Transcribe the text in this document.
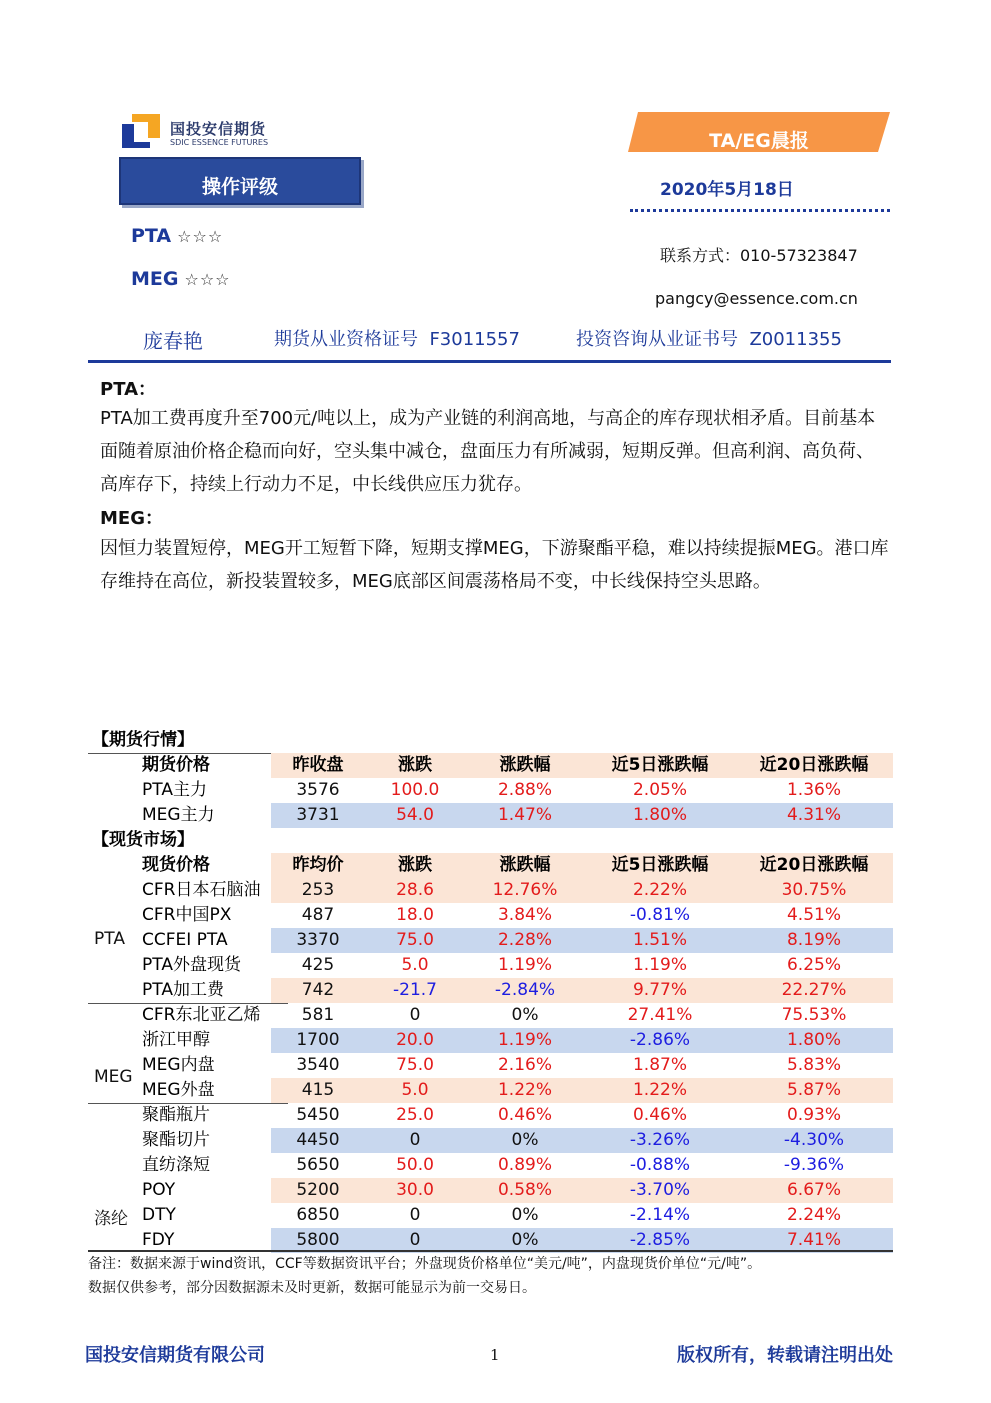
国投安信期货
SDIC ESSENCE FUTURES
操作评级
TA/EG晨报
2020年5月18日
联系方式：010-57323847
pangcy@essence.com.cn
PTA ☆☆☆
MEG ☆☆☆
庞春艳	期货从业资格证号  F3011557	投资咨询从业证书号  Z0011355
PTA：
PTA加工费再度升至700元/吨以上，成为产业链的利润高地，与高企的库存现状相矛盾。目前基本面随着原油价格企稳而向好，空头集中减仓，盘面压力有所减弱，短期反弹。但高利润、高负荷、高库存下，持续上行动力不足，中长线供应压力犹存。
MEG：
因恒力装置短停，MEG开工短暂下降，短期支撑MEG，下游聚酯平稳，难以持续提振MEG。港口库存维持在高位，新投装置较多，MEG底部区间震荡格局不变，中长线保持空头思路。
【期货行情】
期货价格	昨收盘	涨跌	涨跌幅	近5日涨跌幅	近20日涨跌幅
PTA主力	3576	100.0	2.88%	2.05%	1.36%
MEG主力	3731	54.0	1.47%	1.80%	4.31%
【现货市场】
现货价格	昨均价	涨跌	涨跌幅	近5日涨跌幅	近20日涨跌幅
CFR日本石脑油	253	28.6	12.76%	2.22%	30.75%
CFR中国PX	487	18.0	3.84%	-0.81%	4.51%
CCFEI PTA	3370	75.0	2.28%	1.51%	8.19%
PTA外盘现货	425	5.0	1.19%	1.19%	6.25%
PTA加工费	742	-21.7	-2.84%	9.77%	22.27%
CFR东北亚乙烯	581	0	0%	27.41%	75.53%
浙江甲醇	1700	20.0	1.19%	-2.86%	1.80%
MEG内盘	3540	75.0	2.16%	1.87%	5.83%
MEG外盘	415	5.0	1.22%	1.22%	5.87%
聚酯瓶片	5450	25.0	0.46%	0.46%	0.93%
聚酯切片	4450	0	0%	-3.26%	-4.30%
直纺涤短	5650	50.0	0.89%	-0.88%	-9.36%
POY	5200	30.0	0.58%	-3.70%	6.67%
DTY	6850	0	0%	-2.14%	2.24%
FDY	5800	0	0%	-2.85%	7.41%
PTA
MEG
涤纶
备注：数据来源于wind资讯，CCF等数据资讯平台；外盘现货价格单位“美元/吨”，内盘现货价单位“元/吨”。
数据仅供参考，部分因数据源未及时更新，数据可能显示为前一交易日。
国投安信期货有限公司	1	版权所有，转载请注明出处
